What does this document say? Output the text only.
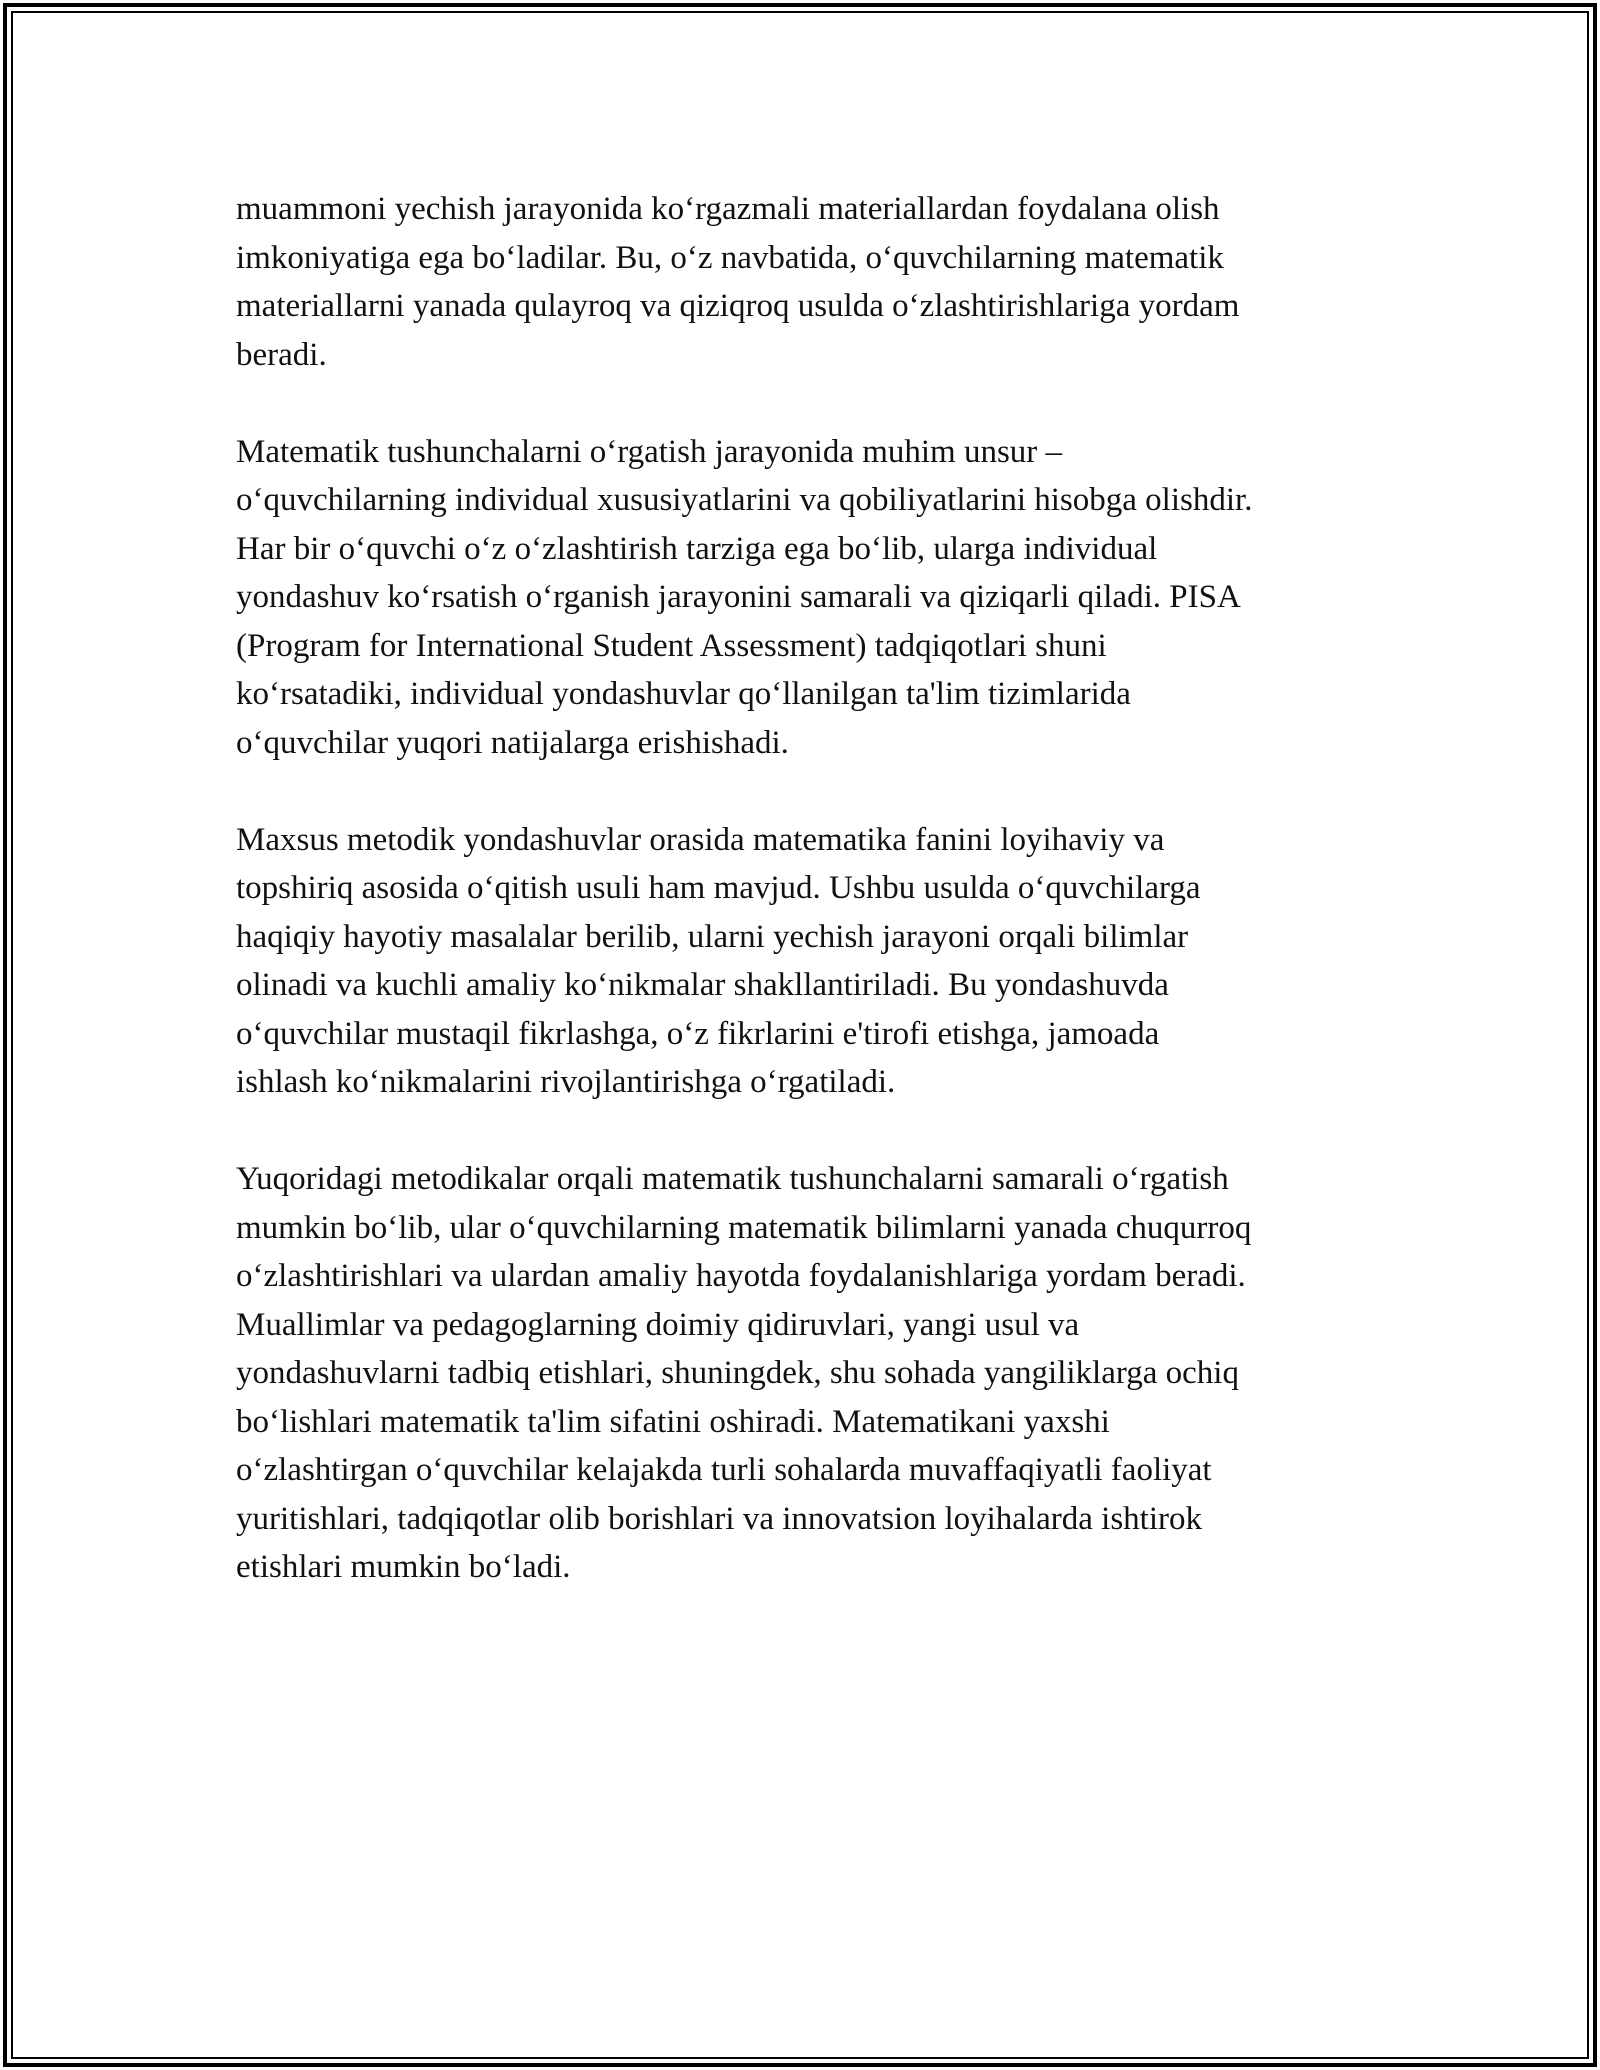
muammoni yechish jarayonida koʻrgazmali materiallardan foydalana olish
imkoniyatiga ega boʻladilar. Bu, oʻz navbatida, oʻquvchilarning matematik
materiallarni yanada qulayroq va qiziqroq usulda oʻzlashtirishlariga yordam
beradi.
Matematik tushunchalarni oʻrgatish jarayonida muhim unsur –
oʻquvchilarning individual xususiyatlarini va qobiliyatlarini hisobga olishdir.
Har bir oʻquvchi oʻz oʻzlashtirish tarziga ega boʻlib, ularga individual
yondashuv koʻrsatish oʻrganish jarayonini samarali va qiziqarli qiladi. PISA
(Program for International Student Assessment) tadqiqotlari shuni
koʻrsatadiki, individual yondashuvlar qoʻllanilgan ta'lim tizimlarida
oʻquvchilar yuqori natijalarga erishishadi.
Maxsus metodik yondashuvlar orasida matematika fanini loyihaviy va
topshiriq asosida oʻqitish usuli ham mavjud. Ushbu usulda oʻquvchilarga
haqiqiy hayotiy masalalar berilib, ularni yechish jarayoni orqali bilimlar
olinadi va kuchli amaliy koʻnikmalar shakllantiriladi. Bu yondashuvda
oʻquvchilar mustaqil fikrlashga, oʻz fikrlarini e'tirofi etishga, jamoada
ishlash koʻnikmalarini rivojlantirishga oʻrgatiladi.
Yuqoridagi metodikalar orqali matematik tushunchalarni samarali oʻrgatish
mumkin boʻlib, ular oʻquvchilarning matematik bilimlarni yanada chuqurroq
oʻzlashtirishlari va ulardan amaliy hayotda foydalanishlariga yordam beradi.
Muallimlar va pedagoglarning doimiy qidiruvlari, yangi usul va
yondashuvlarni tadbiq etishlari, shuningdek, shu sohada yangiliklarga ochiq
boʻlishlari matematik ta'lim sifatini oshiradi. Matematikani yaxshi
oʻzlashtirgan oʻquvchilar kelajakda turli sohalarda muvaffaqiyatli faoliyat
yuritishlari, tadqiqotlar olib borishlari va innovatsion loyihalarda ishtirok
etishlari mumkin boʻladi.
